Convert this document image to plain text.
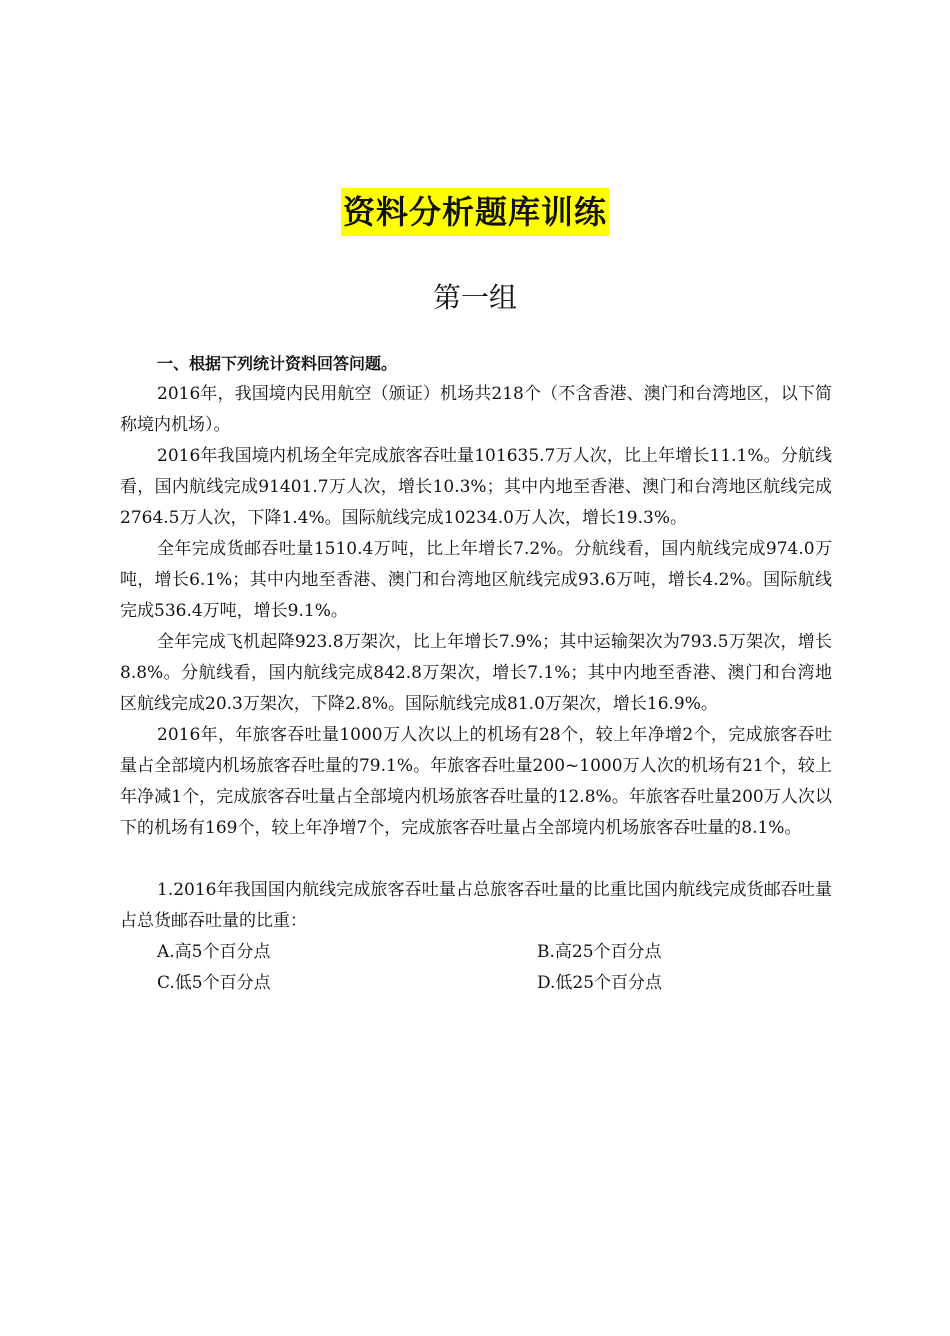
资料分析题库训练
第一组

一、根据下列统计资料回答问题。

2016年，我国境内民用航空（颁证）机场共218个（不含香港、澳门和台湾地区，以下简称境内机场）。

2016年我国境内机场全年完成旅客吞吐量101635.7万人次，比上年增长11.1%。分航线看，国内航线完成91401.7万人次，增长10.3%；其中内地至香港、澳门和台湾地区航线完成2764.5万人次，下降1.4%。国际航线完成10234.0万人次，增长19.3%。

全年完成货邮吞吐量1510.4万吨，比上年增长7.2%。分航线看，国内航线完成974.0万吨，增长6.1%；其中内地至香港、澳门和台湾地区航线完成93.6万吨，增长4.2%。国际航线完成536.4万吨，增长9.1%。

全年完成飞机起降923.8万架次，比上年增长7.9%；其中运输架次为793.5万架次，增长8.8%。分航线看，国内航线完成842.8万架次，增长7.1%；其中内地至香港、澳门和台湾地区航线完成20.3万架次，下降2.8%。国际航线完成81.0万架次，增长16.9%。

2016年，年旅客吞吐量1000万人次以上的机场有28个，较上年净增2个，完成旅客吞吐量占全部境内机场旅客吞吐量的79.1%。年旅客吞吐量200~1000万人次的机场有21个，较上年净减1个，完成旅客吞吐量占全部境内机场旅客吞吐量的12.8%。年旅客吞吐量200万人次以下的机场有169个，较上年净增7个，完成旅客吞吐量占全部境内机场旅客吞吐量的8.1%。

1.2016年我国国内航线完成旅客吞吐量占总旅客吞吐量的比重比国内航线完成货邮吞吐量占总货邮吞吐量的比重：

A.高5个百分点	B.高25个百分点

C.低5个百分点	D.低25个百分点
